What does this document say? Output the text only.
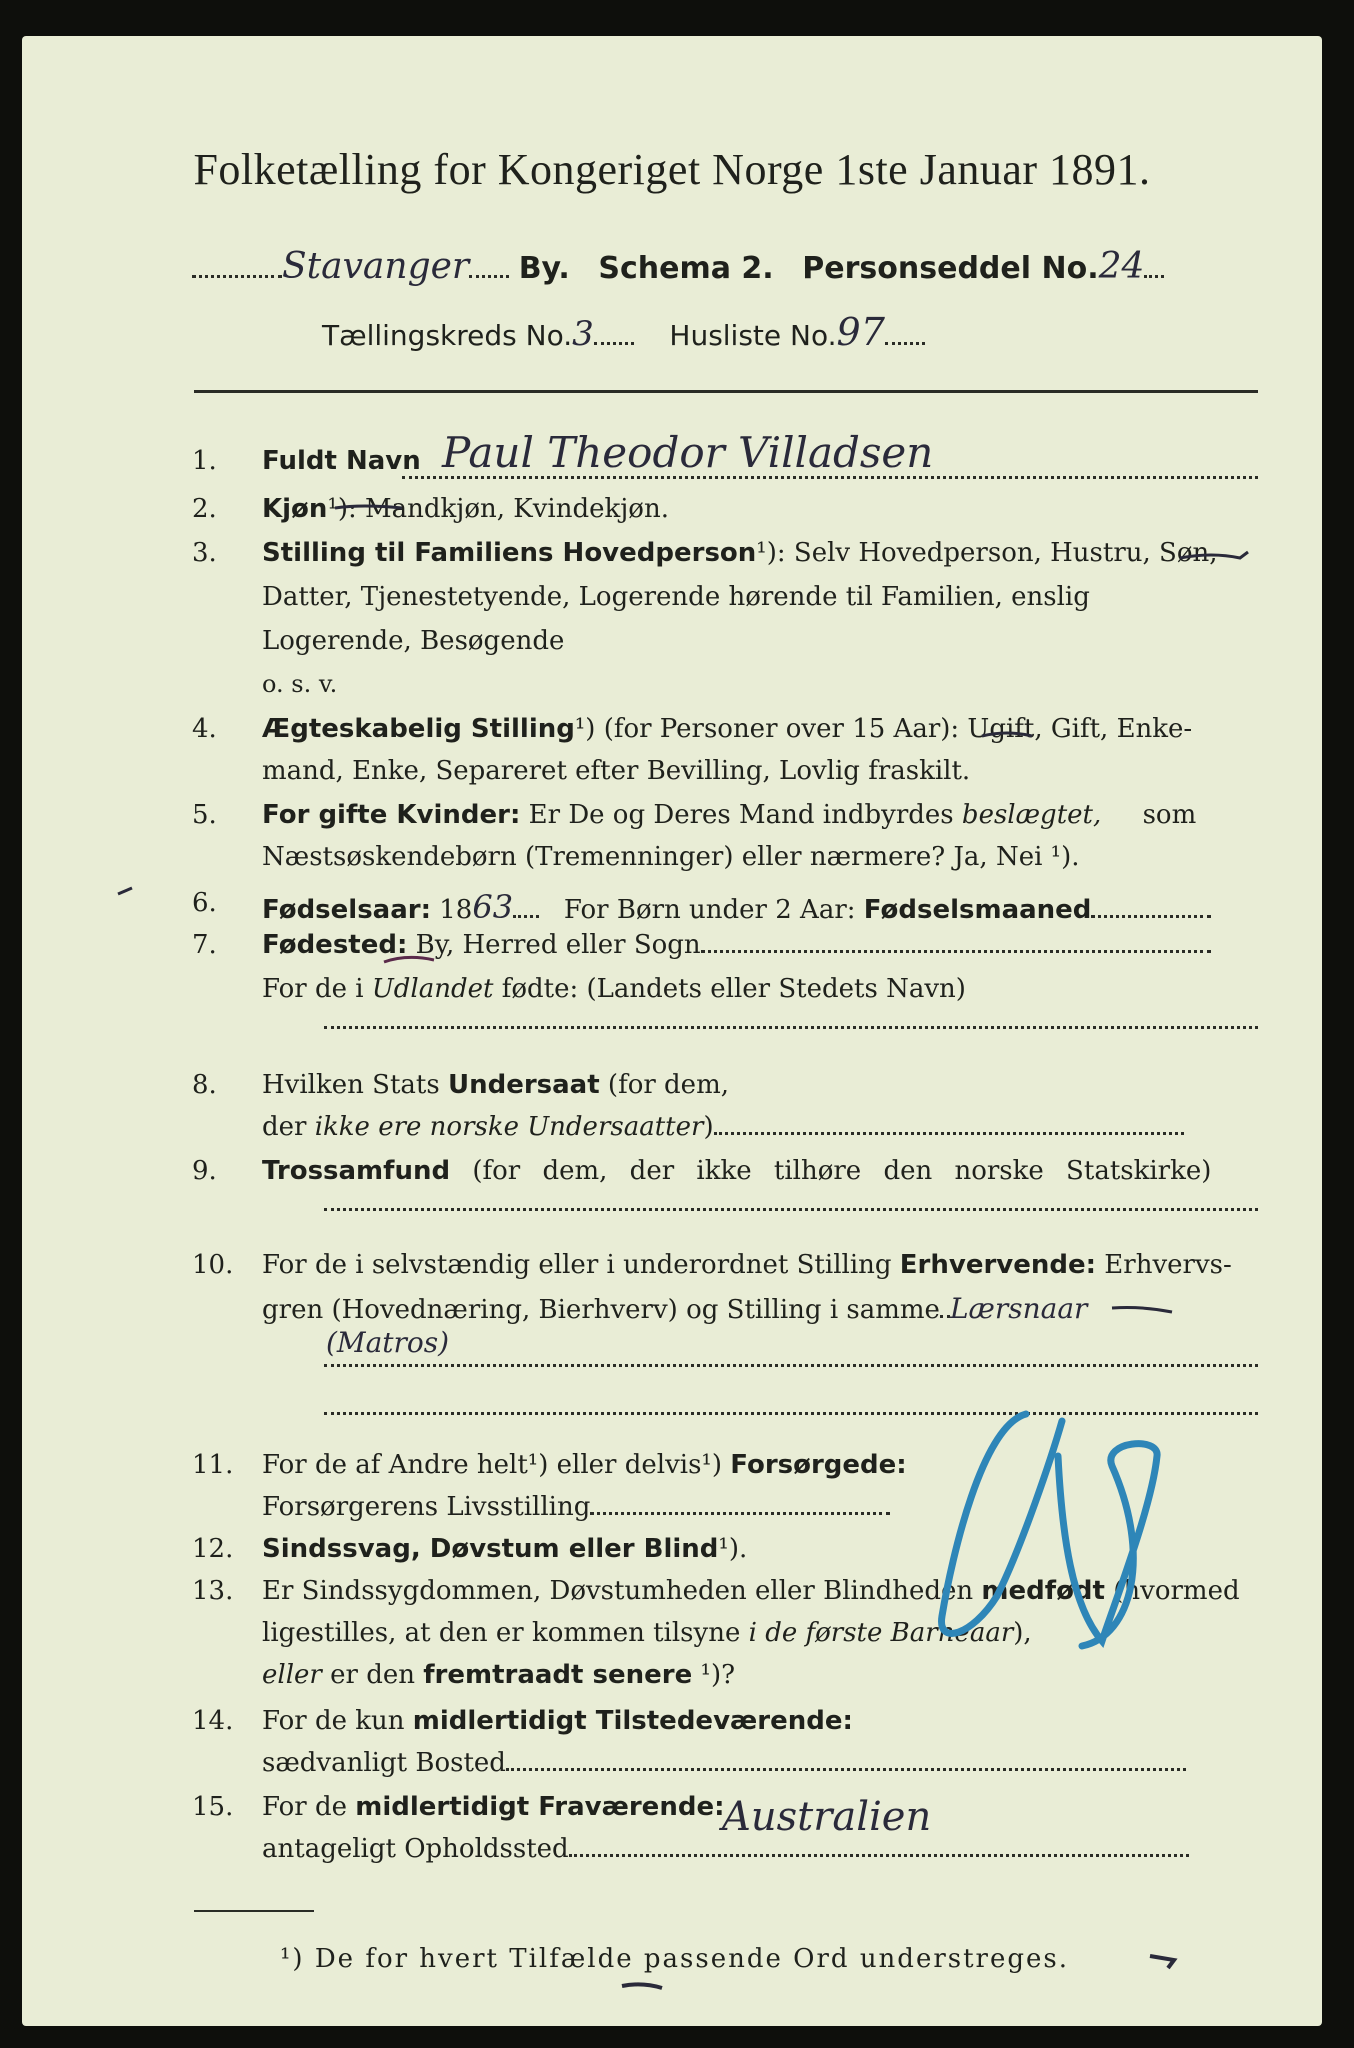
Folketælling for Kongeriget Norge 1ste Januar 1891.
Stavanger By. Schema 2. Personseddel No.24
Tællingskreds No.3	Husliste No.97
1.	Fuldt Navn Paul Theodor Villadsen
2.	Kjøn¹): Mandkjøn, Kvindekjøn.
3.	Stilling til Familiens Hovedperson¹): Selv Hovedperson, Hustru, Søn,
Datter, Tjenestetyende, Logerende hørende til Familien, enslig
Logerende, Besøgende
o. s. v.
4.	Ægteskabelig Stilling¹) (for Personer over 15 Aar): Ugift, Gift, Enke-
mand, Enke, Separeret efter Bevilling, Lovlig fraskilt.
5.	For gifte Kvinder: Er De og Deres Mand indbyrdes beslægtet, som
Næstsøskendebørn (Tremenninger) eller nærmere? Ja, Nei ¹).
6.	Fødselsaar: 1863 For Børn under 2 Aar: Fødselsmaaned
7.	Fødested: By, Herred eller Sogn
For de i Udlandet fødte: (Landets eller Stedets Navn)
8.	Hvilken Stats Undersaat (for dem,
der ikke ere norske Undersaatter)
9.	Trossamfund (for dem, der ikke tilhøre den norske Statskirke)
10.	For de i selvstændig eller i underordnet Stilling Erhvervende: Erhvervs-
gren (Hovednæring, Bierhverv) og Stilling i samme Lærsnaar
(Matros)
11.	For de af Andre helt¹) eller delvis¹) Forsørgede:
Forsørgerens Livsstilling
12.	Sindssvag, Døvstum eller Blind¹).
13.	Er Sindssygdommen, Døvstumheden eller Blindheden medfødt (hvormed
ligestilles, at den er kommen tilsyne i de første Barneaar),
eller er den fremtraadt senere ¹)?
14.	For de kun midlertidigt Tilstedeværende:
sædvanligt Bosted
15.	For de midlertidigt Fraværende:
antageligt Opholdssted
Australien
¹) De for hvert Tilfælde passende Ord understreges.
